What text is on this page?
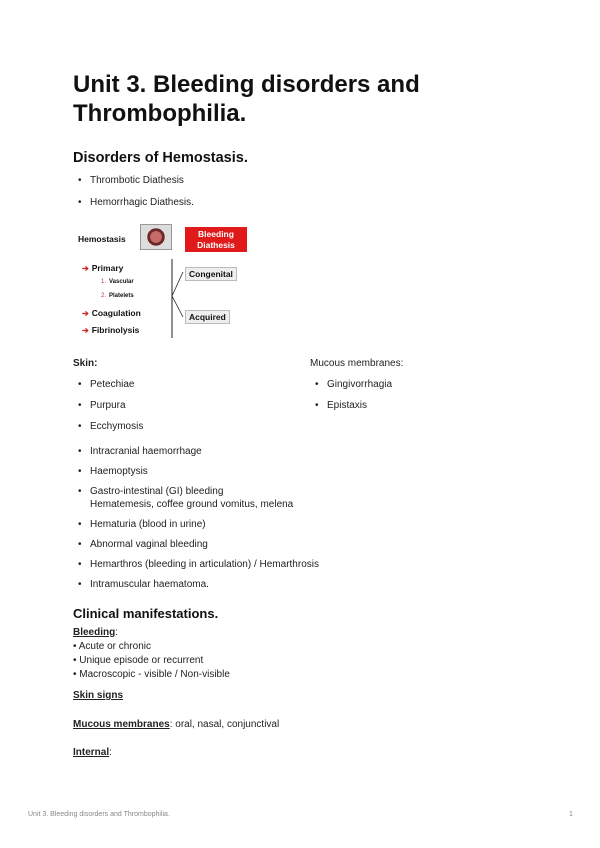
Unit 3. Bleeding disorders and Thrombophilia.
Disorders of Hemostasis.
• Thrombotic Diathesis
• Hemorrhagic Diathesis.
Hemostasis	Bleeding Diathesis
➔ Primary
1. Vascular
2. Platelets
➔ Coagulation
➔ Fibrinolysis
Congenital
Acquired
Skin:
• Petechiae
• Purpura
• Ecchymosis
Mucous membranes:
• Gingivorrhagia
• Epistaxis
• Intracranial haemorrhage
• Haemoptysis
• Gastro-intestinal (GI) bleeding
Hematemesis, coffee ground vomitus, melena
• Hematuria (blood in urine)
• Abnormal vaginal bleeding
• Hemarthros (bleeding in articulation) / Hemarthrosis
• Intramuscular haematoma.
Clinical manifestations.
Bleeding:
• Acute or chronic
• Unique episode or recurrent
• Macroscopic - visible / Non-visible
Skin signs
Mucous membranes: oral, nasal, conjunctival
Internal:
Unit 3. Bleeding disorders and Thrombophilia.	1
